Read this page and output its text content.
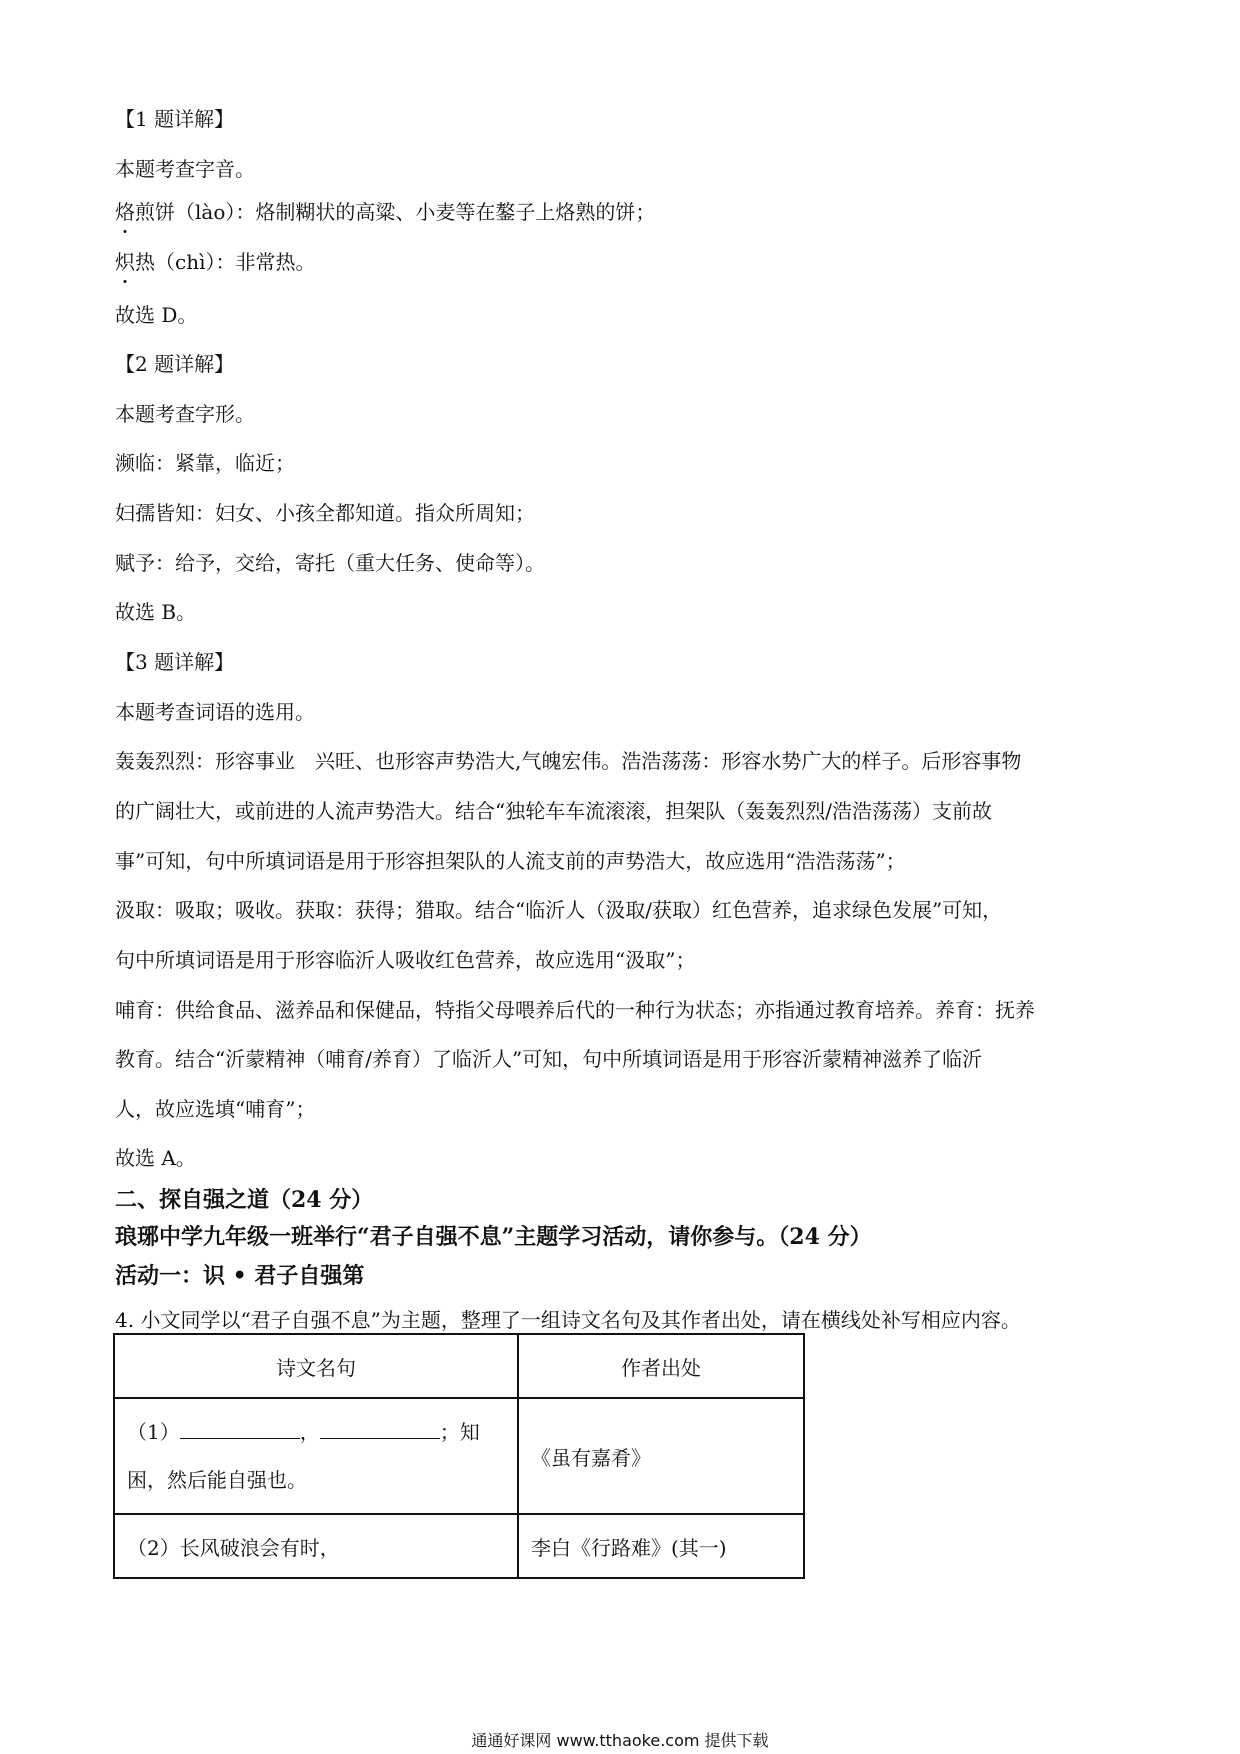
【1 题详解】
本题考查字音。
烙煎饼（lào）：烙制糊状的高粱、小麦等在鏊子上烙熟的饼；
炽热（chì）：非常热。
故选 D。
【2 题详解】
本题考查字形。
濒临：紧靠，临近；
妇孺皆知：妇女、小孩全都知道。指众所周知；
赋予：给予，交给，寄托（重大任务、使命等）。
故选 B。
【3 题详解】
本题考查词语的选用。
轰轰烈烈：形容事业　兴旺、也形容声势浩大,气魄宏伟。浩浩荡荡：形容水势广大的样子。后形容事物
的广阔壮大，或前进的人流声势浩大。结合“独轮车车流滚滚，担架队（轰轰烈烈/浩浩荡荡）支前故
事”可知，句中所填词语是用于形容担架队的人流支前的声势浩大，故应选用“浩浩荡荡”；
汲取：吸取；吸收。获取：获得；猎取。结合“临沂人（汲取/获取）红色营养，追求绿色发展”可知，
句中所填词语是用于形容临沂人吸收红色营养，故应选用“汲取”；
哺育：供给食品、滋养品和保健品，特指父母喂养后代的一种行为状态；亦指通过教育培养。养育：抚养
教育。结合“沂蒙精神（哺育/养育）了临沂人”可知，句中所填词语是用于形容沂蒙精神滋养了临沂
人，故应选填“哺育”；
故选 A。
二、探自强之道（24 分）
琅琊中学九年级一班举行“君子自强不息”主题学习活动，请你参与。（24 分）
活动一：识 • 君子自强第
4. 小文同学以“君子自强不息”为主题，整理了一组诗文名句及其作者出处，请在横线处补写相应内容。
诗文名句	作者出处
（1） ， ；知
困，然后能自强也。	《虽有嘉肴》
（2）长风破浪会有时，	李白《行路难》(其一)
通通好课网 www.tthaoke.com 提供下载
